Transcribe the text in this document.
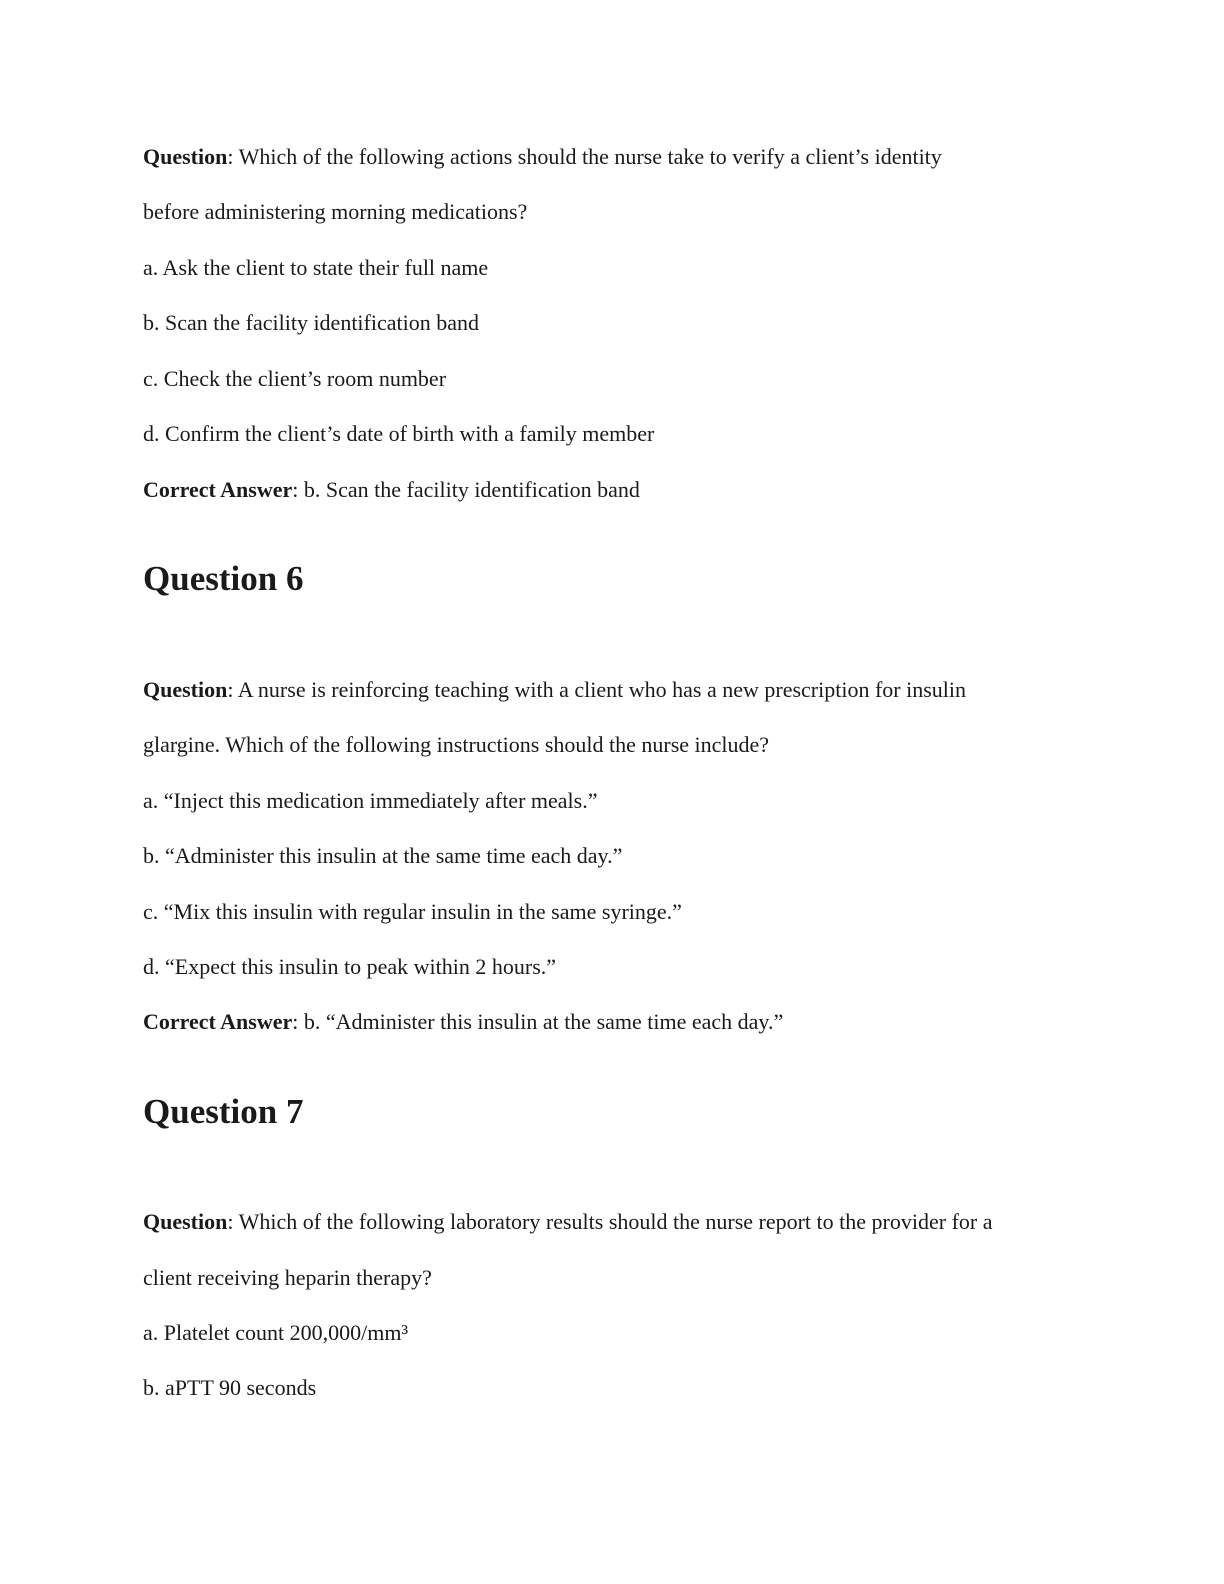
Question: Which of the following actions should the nurse take to verify a client’s identity
before administering morning medications?
a. Ask the client to state their full name
b. Scan the facility identification band
c. Check the client’s room number
d. Confirm the client’s date of birth with a family member
Correct Answer: b. Scan the facility identification band
Question 6
Question: A nurse is reinforcing teaching with a client who has a new prescription for insulin
glargine. Which of the following instructions should the nurse include?
a. “Inject this medication immediately after meals.”
b. “Administer this insulin at the same time each day.”
c. “Mix this insulin with regular insulin in the same syringe.”
d. “Expect this insulin to peak within 2 hours.”
Correct Answer: b. “Administer this insulin at the same time each day.”
Question 7
Question: Which of the following laboratory results should the nurse report to the provider for a
client receiving heparin therapy?
a. Platelet count 200,000/mm³
b. aPTT 90 seconds
